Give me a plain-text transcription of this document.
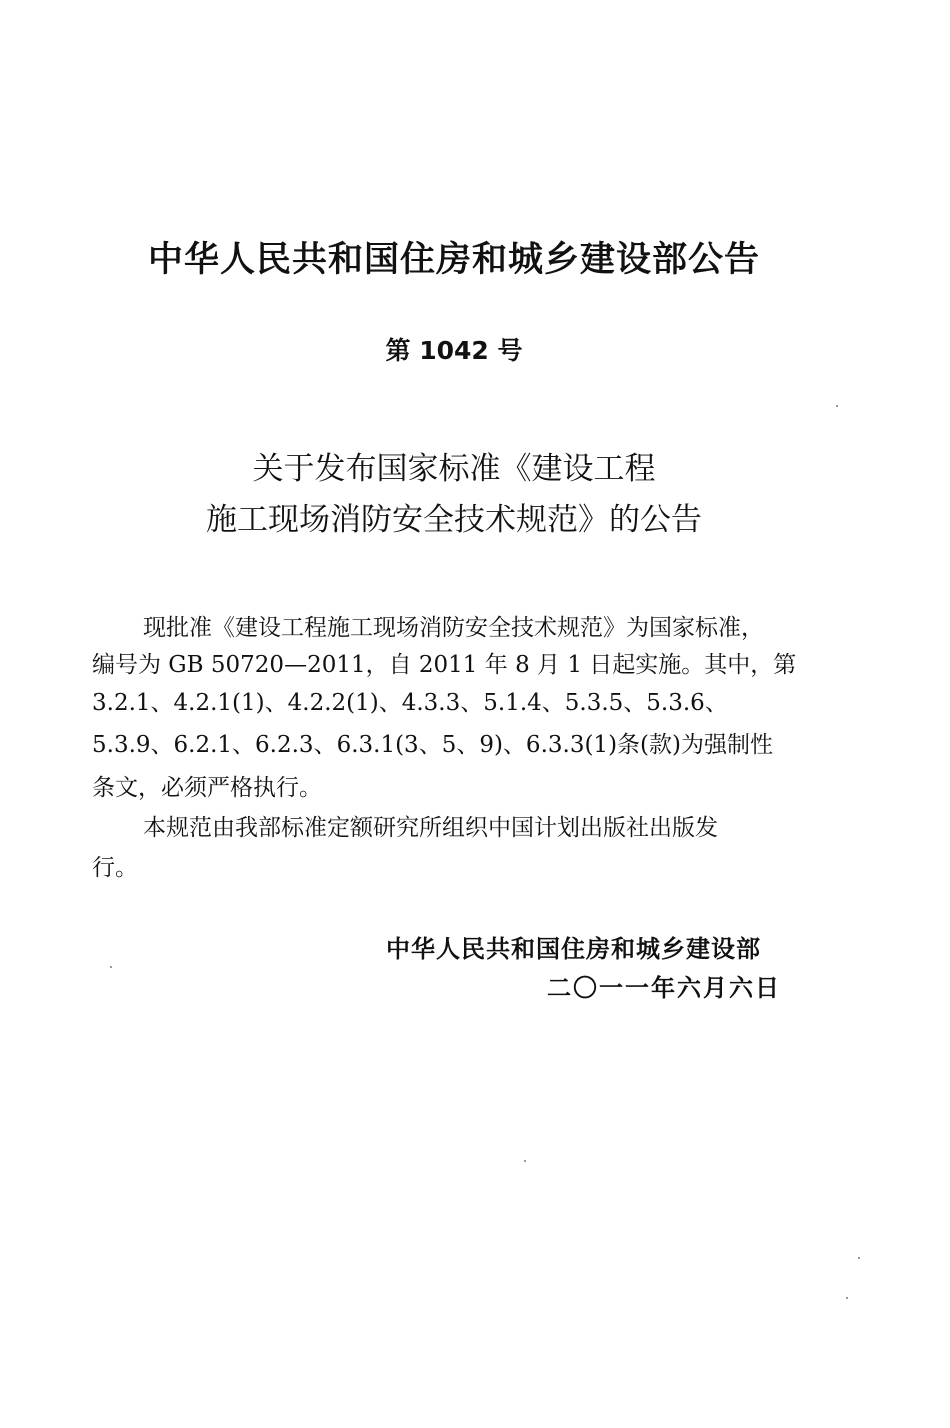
中华人民共和国住房和城乡建设部公告
第 1042 号
关于发布国家标准《建设工程
施工现场消防安全技术规范》的公告
现批准《建设工程施工现场消防安全技术规范》为国家标准，
编号为 GB 50720—2011，自 2011 年 8 月 1 日起实施。其中，第
3.2.1、4.2.1(1)、4.2.2(1)、4.3.3、5.1.4、5.3.5、5.3.6、
5.3.9、6.2.1、6.2.3、6.3.1(3、5、9)、6.3.3(1)条(款)为强制性
条文，必须严格执行。
本规范由我部标准定额研究所组织中国计划出版社出版发
行。
中华人民共和国住房和城乡建设部
二〇一一年六月六日
